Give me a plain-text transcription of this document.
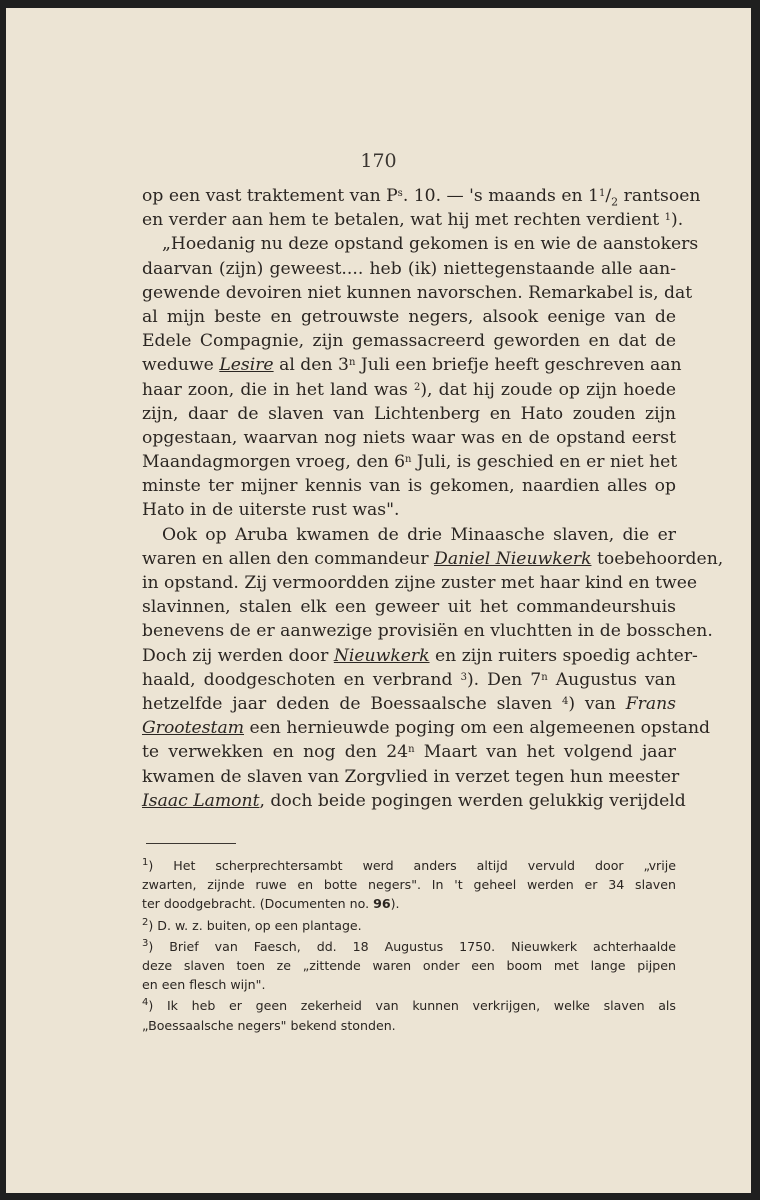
170
op een vast traktement van $P^s$. 10. — 's maands en $1^1/_2$ rantsoen
en verder aan hem te betalen, wat hij met rechten verdient $^1$).
„Hoedanig nu deze opstand gekomen is en wie de aanstokers
daarvan (zijn) geweest.... heb (ik) niettegenstaande alle aan-
gewende devoiren niet kunnen navorschen. Remarkabel is, dat
al mijn beste en getrouwste negers, alsook eenige van de
Edele Compagnie, zijn gemassacreerd geworden en dat de
weduwe Lesire al den 3$^n$ Juli een briefje heeft geschreven aan
haar zoon, die in het land was $^2$), dat hij zoude op zijn hoede
zijn, daar de slaven van Lichtenberg en Hato zouden zijn
opgestaan, waarvan nog niets waar was en de opstand eerst
Maandagmorgen vroeg, den 6$^n$ Juli, is geschied en er niet het
minste ter mijner kennis van is gekomen, naardien alles op
Hato in de uiterste rust was".
Ook op Aruba kwamen de drie Minaasche slaven, die er
waren en allen den commandeur Daniel Nieuwkerk toebehoorden,
in opstand. Zij vermoordden zijne zuster met haar kind en twee
slavinnen, stalen elk een geweer uit het commandeurshuis
benevens de er aanwezige provisiën en vluchtten in de bosschen.
Doch zij werden door Nieuwkerk en zijn ruiters spoedig achter-
haald, doodgeschoten en verbrand $^3$). Den 7$^n$ Augustus van
hetzelfde jaar deden de Boessaalsche slaven $^4$) van Frans
Grootestam een hernieuwde poging om een algemeenen opstand
te verwekken en nog den 24$^n$ Maart van het volgend jaar
kwamen de slaven van Zorgvlied in verzet tegen hun meester
Isaac Lamont, doch beide pogingen werden gelukkig verijdeld
$^1$) Het scherprechtersambt werd anders altijd vervuld door „vrije
zwarten, zijnde ruwe en botte negers". In 't geheel werden er 34 slaven
ter doodgebracht. (Documenten no. 96).
$^2$) D. w. z. buiten, op een plantage.
$^3$) Brief van Faesch, dd. 18 Augustus 1750. Nieuwkerk achterhaalde
deze slaven toen ze „zittende waren onder een boom met lange pijpen
en een flesch wijn".
$^4$) Ik heb er geen zekerheid van kunnen verkrijgen, welke slaven als
„Boessaalsche negers" bekend stonden.
